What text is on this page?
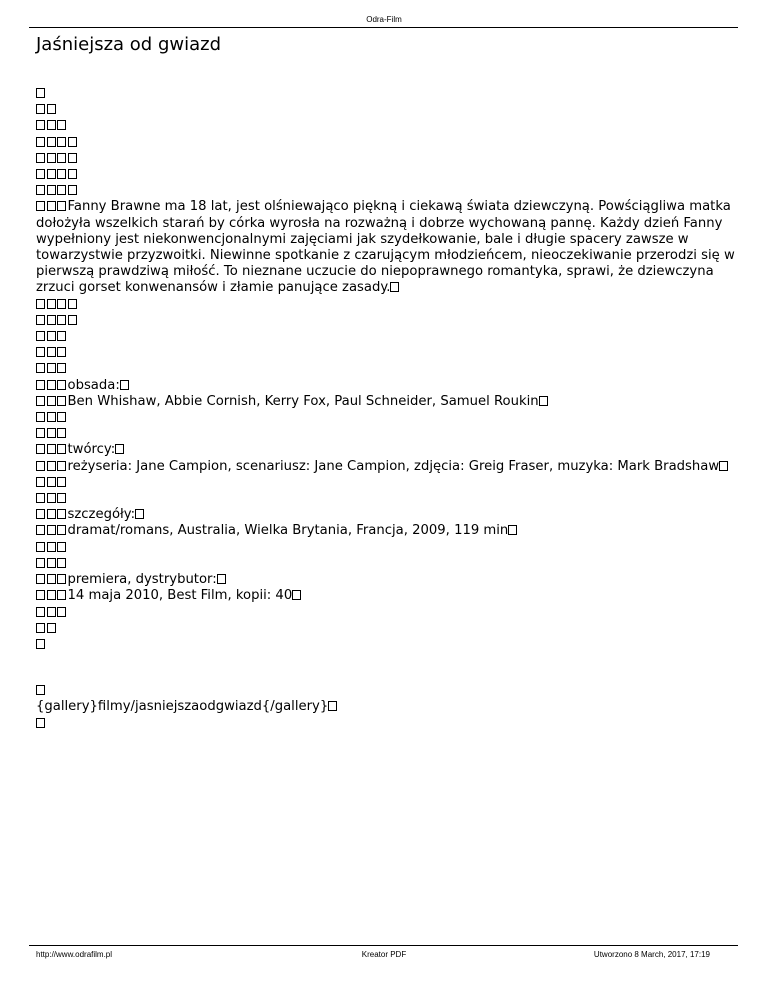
Odra-Film
Jaśniejsza od gwiazd
Fanny Brawne ma 18 lat, jest olśniewająco piękną i ciekawą świata dziewczyną. Powściągliwa matka dołożyła wszelkich starań by córka wyrosła na rozważną i dobrze wychowaną pannę. Każdy dzień Fanny wypełniony jest niekonwencjonalnymi zajęciami jak szydełkowanie, bale i długie spacery zawsze w towarzystwie przyzwoitki. Niewinne spotkanie z czarującym młodzieńcem, nieoczekiwanie przerodzi się w pierwszą prawdziwą miłość. To nieznane uczucie do niepoprawnego romantyka, sprawi, że dziewczyna zrzuci gorset konwenansów i złamie panujące zasady.
obsada:
Ben Whishaw, Abbie Cornish, Kerry Fox, Paul Schneider, Samuel Roukin
twórcy:
reżyseria: Jane Campion, scenariusz: Jane Campion, zdjęcia: Greig Fraser, muzyka: Mark Bradshaw
szczegóły:
dramat/romans, Australia, Wielka Brytania, Francja, 2009, 119 min
premiera, dystrybutor:
14 maja 2010, Best Film, kopii: 40
{gallery}filmy/jasniejszaodgwiazd{/gallery}
http://www.odrafilm.pl	Kreator PDF	Utworzono 8 March, 2017, 17:19
